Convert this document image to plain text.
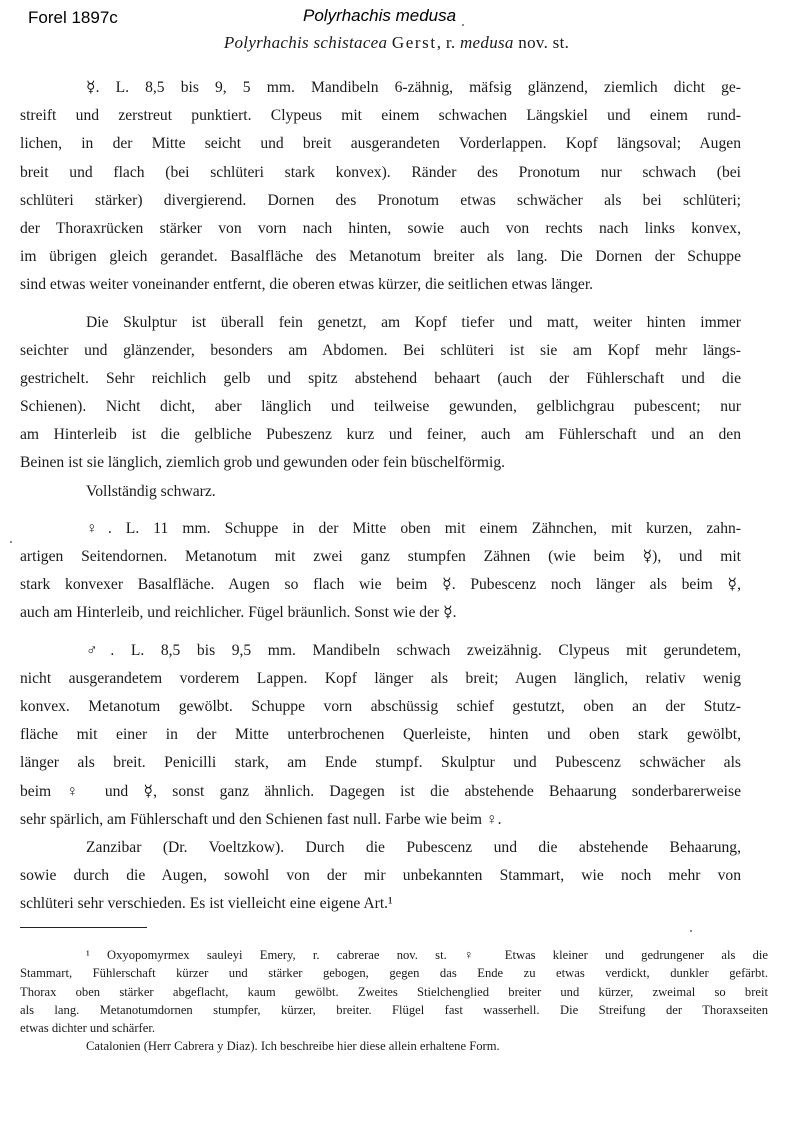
Forel 1897c	Polyrhachis medusa
Polyrhachis schistacea Gerst, r. medusa nov. st.
☿. L. 8,5 bis 9, 5 mm. Mandibeln 6-zähnig, mäfsig glänzend, ziemlich dicht ge-
streift und zerstreut punktiert. Clypeus mit einem schwachen Längskiel und einem rund-
lichen, in der Mitte seicht und breit ausgerandeten Vorderlappen. Kopf längsoval; Augen
breit und flach (bei schlüteri stark konvex). Ränder des Pronotum nur schwach (bei
schlüteri stärker) divergierend. Dornen des Pronotum etwas schwächer als bei schlüteri;
der Thoraxrücken stärker von vorn nach hinten, sowie auch von rechts nach links konvex,
im übrigen gleich gerandet. Basalfläche des Metanotum breiter als lang. Die Dornen der Schuppe
sind etwas weiter voneinander entfernt, die oberen etwas kürzer, die seitlichen etwas länger.
Die Skulptur ist überall fein genetzt, am Kopf tiefer und matt, weiter hinten immer
seichter und glänzender, besonders am Abdomen. Bei schlüteri ist sie am Kopf mehr längs-
gestrichelt. Sehr reichlich gelb und spitz abstehend behaart (auch der Fühlerschaft und die
Schienen). Nicht dicht, aber länglich und teilweise gewunden, gelblichgrau pubescent; nur
am Hinterleib ist die gelbliche Pubeszenz kurz und feiner, auch am Fühlerschaft und an den
Beinen ist sie länglich, ziemlich grob und gewunden oder fein büschelförmig.
Vollständig schwarz.
♀. L. 11 mm. Schuppe in der Mitte oben mit einem Zähnchen, mit kurzen, zahn-
artigen Seitendornen. Metanotum mit zwei ganz stumpfen Zähnen (wie beim ☿), und mit
stark konvexer Basalfläche. Augen so flach wie beim ☿. Pubescenz noch länger als beim ☿,
auch am Hinterleib, und reichlicher. Fügel bräunlich. Sonst wie der ☿.
♂. L. 8,5 bis 9,5 mm. Mandibeln schwach zweizähnig. Clypeus mit gerundetem,
nicht ausgerandetem vorderem Lappen. Kopf länger als breit; Augen länglich, relativ wenig
konvex. Metanotum gewölbt. Schuppe vorn abschüssig schief gestutzt, oben an der Stutz-
fläche mit einer in der Mitte unterbrochenen Querleiste, hinten und oben stark gewölbt,
länger als breit. Penicilli stark, am Ende stumpf. Skulptur und Pubescenz schwächer als
beim ♀ und ☿, sonst ganz ähnlich. Dagegen ist die abstehende Behaarung sonderbarerweise
sehr spärlich, am Fühlerschaft und den Schienen fast null. Farbe wie beim ♀.
Zanzibar (Dr. Voeltzkow). Durch die Pubescenz und die abstehende Behaarung,
sowie durch die Augen, sowohl von der mir unbekannten Stammart, wie noch mehr von
schlüteri sehr verschieden. Es ist vielleicht eine eigene Art.¹
¹ Oxyopomyrmex sauleyi Emery, r. cabrerae nov. st. ♀ Etwas kleiner und gedrungener als die
Stammart, Fühlerschaft kürzer und stärker gebogen, gegen das Ende zu etwas verdickt, dunkler gefärbt.
Thorax oben stärker abgeflacht, kaum gewölbt. Zweites Stielchenglied breiter und kürzer, zweimal so breit
als lang. Metanotumdornen stumpfer, kürzer, breiter. Flügel fast wasserhell. Die Streifung der Thoraxseiten
etwas dichter und schärfer.
Catalonien (Herr Cabrera y Diaz). Ich beschreibe hier diese allein erhaltene Form.
